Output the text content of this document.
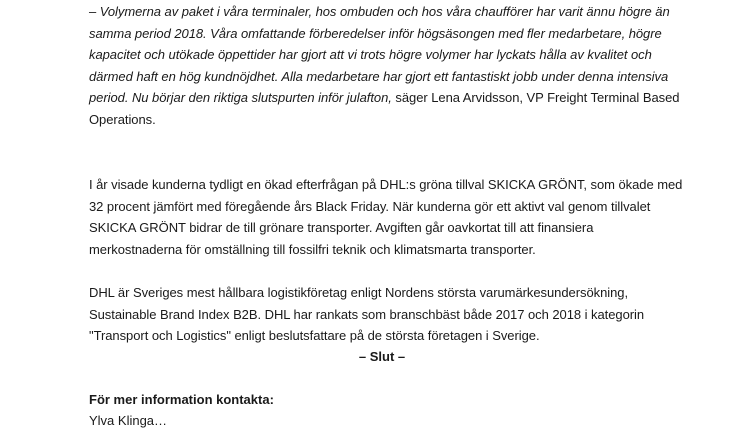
– Volymerna av paket i våra terminaler, hos ombuden och hos våra chaufförer har varit ännu högre än
samma period 2018. Våra omfattande förberedelser inför högsäsongen med fler medarbetare, högre
kapacitet och utökade öppettider har gjort att vi trots högre volymer har lyckats hålla av kvalitet och
därmed haft en hög kundnöjdhet. Alla medarbetare har gjort ett fantastiskt jobb under denna intensiva
period. Nu börjar den riktiga slutspurten inför julafton, säger Lena Arvidsson, VP Freight Terminal Based
Operations.
I år visade kunderna tydligt en ökad efterfrågan på DHL:s gröna tillval SKICKA GRÖNT, som ökade med
32 procent jämfört med föregående års Black Friday. När kunderna gör ett aktivt val genom tillvalet
SKICKA GRÖNT bidrar de till grönare transporter. Avgiften går oavkortat till att finansiera
merkostnaderna för omställning till fossilfri teknik och klimatsmarta transporter.
DHL är Sveriges mest hållbara logistikföretag enligt Nordens största varumärkesundersökning,
Sustainable Brand Index B2B. DHL har rankats som branschbäst både 2017 och 2018 i kategorin
"Transport och Logistics" enligt beslutsfattare på de största företagen i Sverige.
– Slut –
För mer information kontakta:
Ylva Klinga…
